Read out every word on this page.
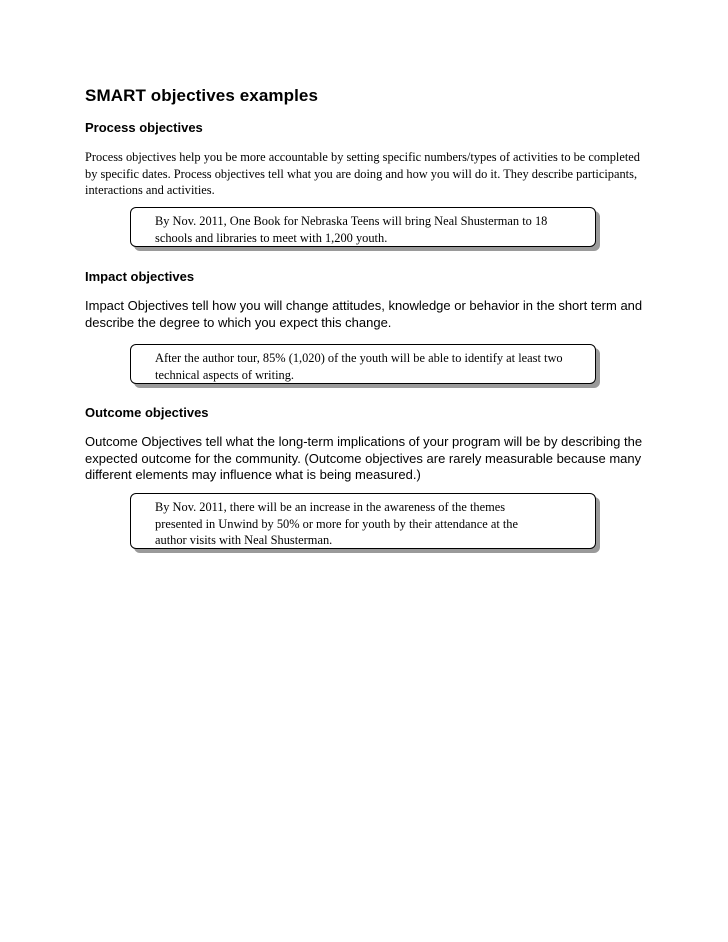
SMART objectives examples
Process objectives
Process objectives help you be more accountable by setting specific numbers/types of activities to be completed by specific dates. Process objectives tell what you are doing and how you will do it. They describe participants, interactions and activities.
By Nov. 2011, One Book for Nebraska Teens will bring Neal Shusterman to 18 schools and libraries to meet with 1,200 youth.
Impact objectives
Impact Objectives tell how you will change attitudes, knowledge or behavior in the short term and describe the degree to which you expect this change.
After the author tour, 85% (1,020) of the youth will be able to identify at least two technical aspects of writing.
Outcome objectives
Outcome Objectives tell what the long-term implications of your program will be by describing the expected outcome for the community. (Outcome objectives are rarely measurable because many different elements may influence what is being measured.)
By Nov. 2011, there will be an increase in the awareness of the themes presented in Unwind by 50% or more for youth by their attendance at the author visits with Neal Shusterman.
